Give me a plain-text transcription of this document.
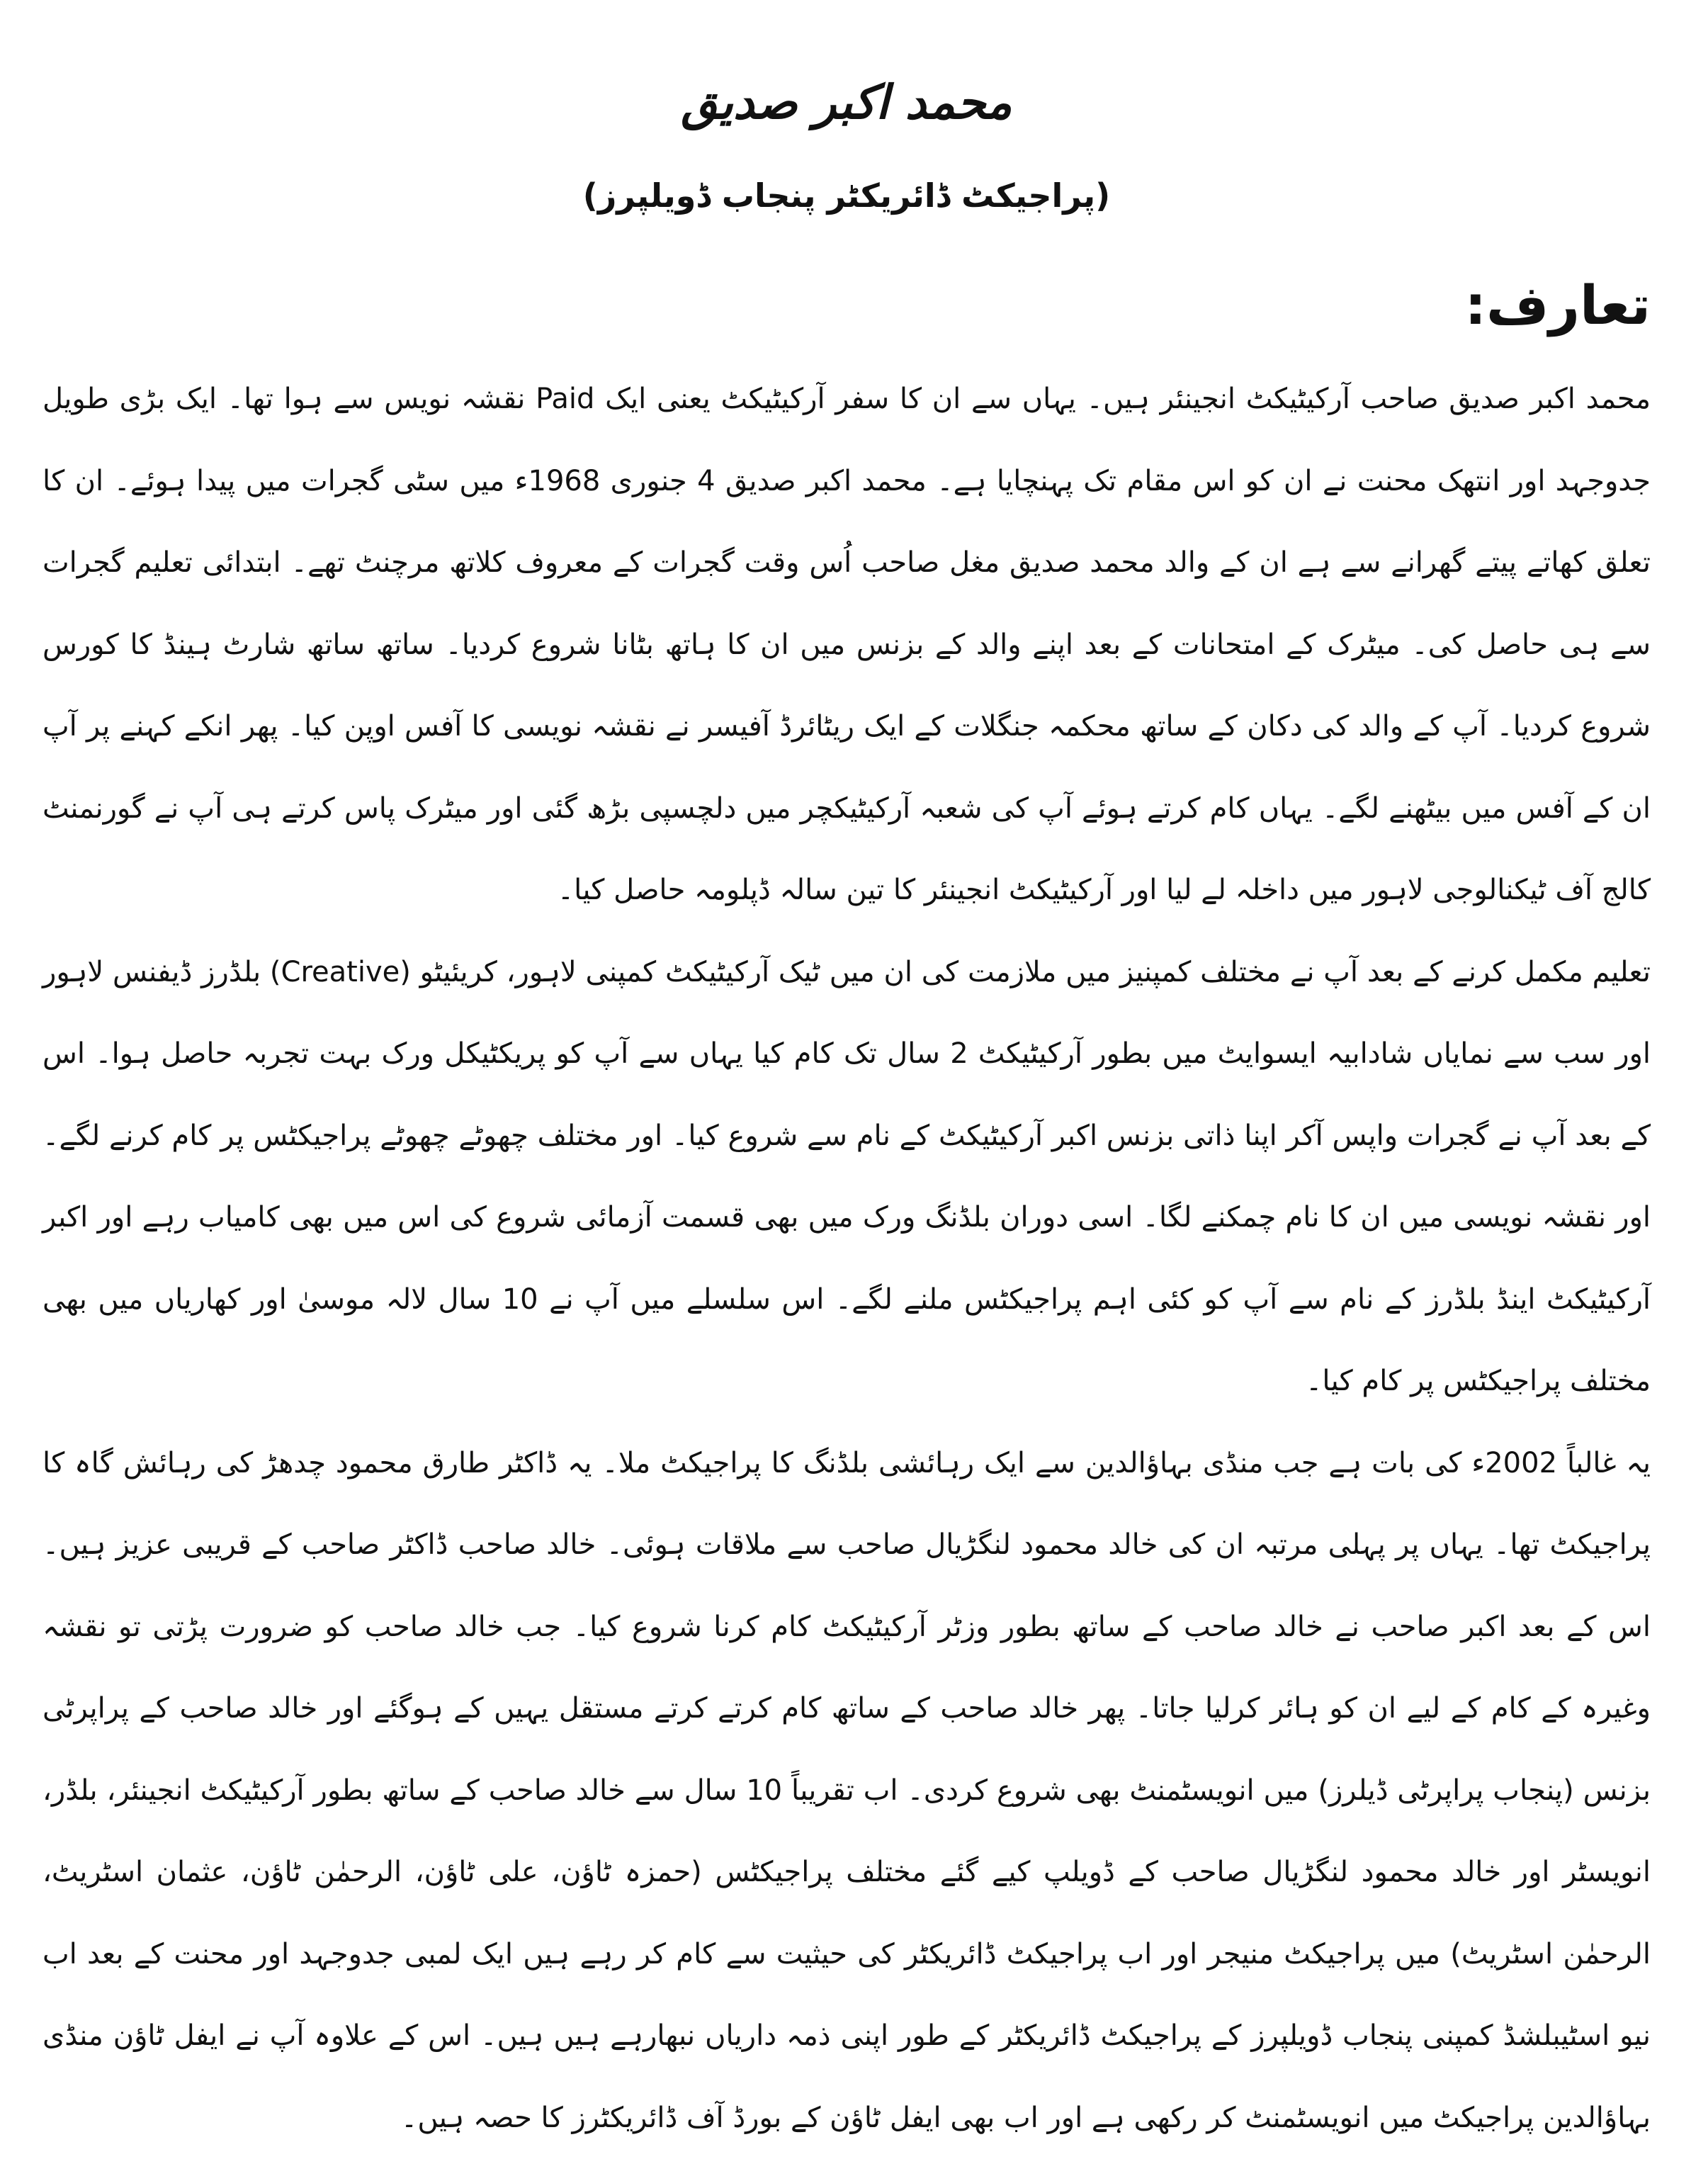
محمد اکبر صدیق
(پراجیکٹ ڈائریکٹر پنجاب ڈویلپرز)
تعارف:

محمد اکبر صدیق صاحب آرکیٹیکٹ انجینئر ہیں۔ یہاں سے ان کا سفر آرکیٹیکٹ یعنی ایک Paid نقشہ نویس سے ہوا تھا۔ ایک بڑی طویل جدوجہد اور انتھک محنت نے ان کو اس مقام تک پہنچایا ہے۔ محمد اکبر صدیق 4 جنوری 1968ء میں سٹی گجرات میں پیدا ہوئے۔ ان کا تعلق کھاتے پیتے گھرانے سے ہے ان کے والد محمد صدیق مغل صاحب اُس وقت گجرات کے معروف کلاتھ مرچنٹ تھے۔ ابتدائی تعلیم گجرات سے ہی حاصل کی۔ میٹرک کے امتحانات کے بعد اپنے والد کے بزنس میں ان کا ہاتھ بٹانا شروع کردیا۔ ساتھ ساتھ شارٹ ہینڈ کا کورس شروع کردیا۔ آپ کے والد کی دکان کے ساتھ محکمہ جنگلات کے ایک ریٹائرڈ آفیسر نے نقشہ نویسی کا آفس اوپن کیا۔ پھر انکے کہنے پر آپ ان کے آفس میں بیٹھنے لگے۔ یہاں کام کرتے ہوئے آپ کی شعبہ آرکیٹیکچر میں دلچسپی بڑھ گئی اور میٹرک پاس کرتے ہی آپ نے گورنمنٹ کالج آف ٹیکنالوجی لاہور میں داخلہ لے لیا اور آرکیٹیکٹ انجینئر کا تین سالہ ڈپلومہ حاصل کیا۔

تعلیم مکمل کرنے کے بعد آپ نے مختلف کمپنیز میں ملازمت کی ان میں ٹیک آرکیٹیکٹ کمپنی لاہور، کریئیٹو (Creative) بلڈرز ڈیفنس لاہور اور سب سے نمایاں شادابیہ ایسوایٹ میں بطور آرکیٹیکٹ 2 سال تک کام کیا یہاں سے آپ کو پریکٹیکل ورک بہت تجربہ حاصل ہوا۔ اس کے بعد آپ نے گجرات واپس آکر اپنا ذاتی بزنس اکبر آرکیٹیکٹ کے نام سے شروع کیا۔ اور مختلف چھوٹے چھوٹے پراجیکٹس پر کام کرنے لگے۔ اور نقشہ نویسی میں ان کا نام چمکنے لگا۔ اسی دوران بلڈنگ ورک میں بھی قسمت آزمائی شروع کی اس میں بھی کامیاب رہے اور اکبر آرکیٹیکٹ اینڈ بلڈرز کے نام سے آپ کو کئی اہم پراجیکٹس ملنے لگے۔ اس سلسلے میں آپ نے 10 سال لالہ موسیٰ اور کھاریاں میں بھی مختلف پراجیکٹس پر کام کیا۔

یہ غالباً 2002ء کی بات ہے جب منڈی بہاؤالدین سے ایک رہائشی بلڈنگ کا پراجیکٹ ملا۔ یہ ڈاکٹر طارق محمود چدھڑ کی رہائش گاہ کا پراجیکٹ تھا۔ یہاں پر پہلی مرتبہ ان کی خالد محمود لنگڑیال صاحب سے ملاقات ہوئی۔ خالد صاحب ڈاکٹر صاحب کے قریبی عزیز ہیں۔ اس کے بعد اکبر صاحب نے خالد صاحب کے ساتھ بطور وزٹر آرکیٹیکٹ کام کرنا شروع کیا۔ جب خالد صاحب کو ضرورت پڑتی تو نقشہ وغیرہ کے کام کے لیے ان کو ہائر کرلیا جاتا۔ پھر خالد صاحب کے ساتھ کام کرتے کرتے مستقل یہیں کے ہوگئے اور خالد صاحب کے پراپرٹی بزنس (پنجاب پراپرٹی ڈیلرز) میں انویسٹمنٹ بھی شروع کردی۔ اب تقریباً 10 سال سے خالد صاحب کے ساتھ بطور آرکیٹیکٹ انجینئر، بلڈر، انویسٹر اور خالد محمود لنگڑیال صاحب کے ڈویلپ کیے گئے مختلف پراجیکٹس (حمزہ ٹاؤن، علی ٹاؤن، الرحمٰن ٹاؤن، عثمان اسٹریٹ، الرحمٰن اسٹریٹ) میں پراجیکٹ منیجر اور اب پراجیکٹ ڈائریکٹر کی حیثیت سے کام کر رہے ہیں ایک لمبی جدوجہد اور محنت کے بعد اب نیو اسٹیبلشڈ کمپنی پنجاب ڈویلپرز کے پراجیکٹ ڈائریکٹر کے طور اپنی ذمہ داریاں نبھارہے ہیں ہیں۔ اس کے علاوہ آپ نے ایفل ٹاؤن منڈی بہاؤالدین پراجیکٹ میں انویسٹمنٹ کر رکھی ہے اور اب بھی ایفل ٹاؤن کے بورڈ آف ڈائریکٹرز کا حصہ ہیں۔
